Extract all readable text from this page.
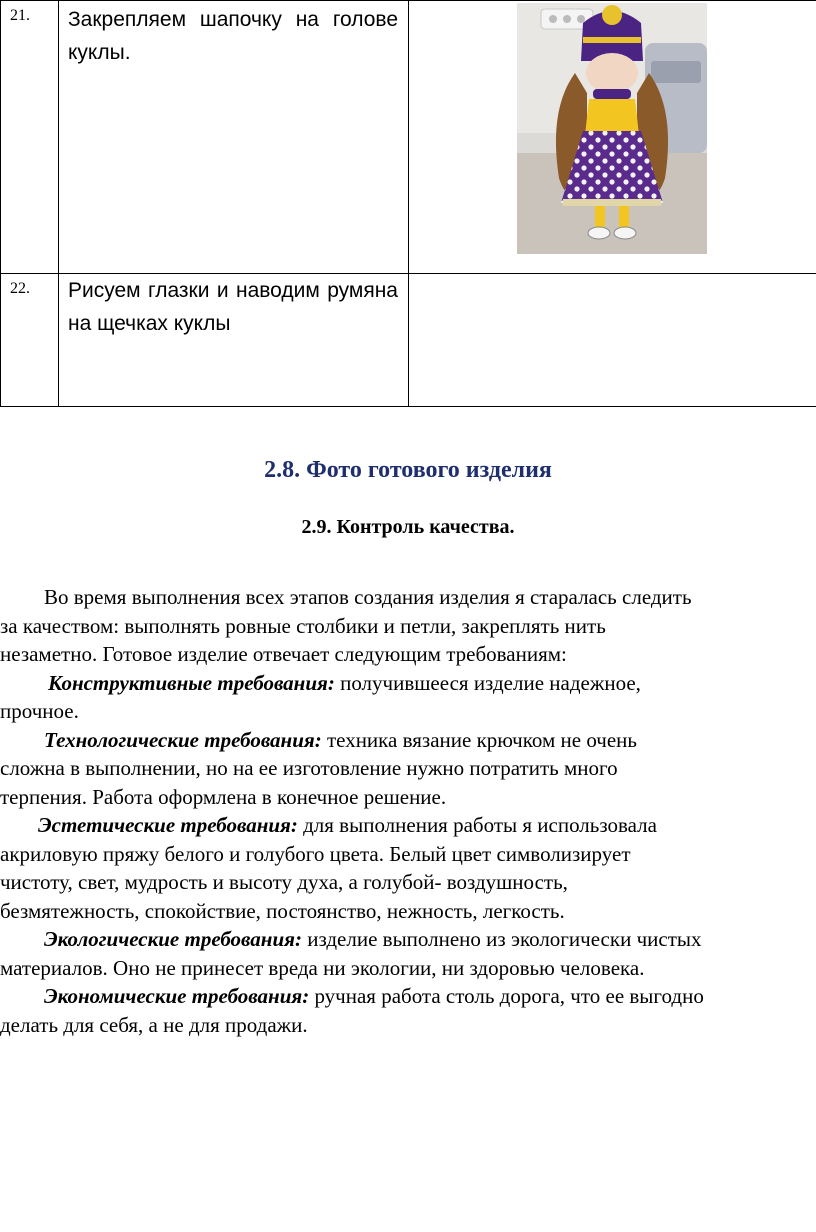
21.	Закрепляем шапочку на голове куклы.

22.	Рисуем глазки и наводим румяна на щечках куклы	

2.8. Фото готового изделия
2.9. Контроль качества.

Во время выполнения всех этапов создания изделия я старалась следить

за качеством: выполнять ровные столбики и петли, закреплять нить

незаметно. Готовое изделие отвечает следующим требованиям:

Конструктивные требования: получившееся изделие надежное,

прочное.

Технологические требования: техника вязание крючком не очень

сложна в выполнении, но на ее изготовление нужно потратить много

терпения. Работа оформлена в конечное решение.

Эстетические требования: для выполнения работы я использовала

акриловую пряжу белого и голубого цвета. Белый цвет символизирует

чистоту, свет, мудрость и высоту духа, а голубой- воздушность,

безмятежность, спокойствие, постоянство, нежность, легкость.

Экологические требования: изделие выполнено из экологически чистых

материалов. Оно не принесет вреда ни экологии, ни здоровью человека.

Экономические требования: ручная работа столь дорога, что ее выгодно

делать для себя, а не для продажи.
